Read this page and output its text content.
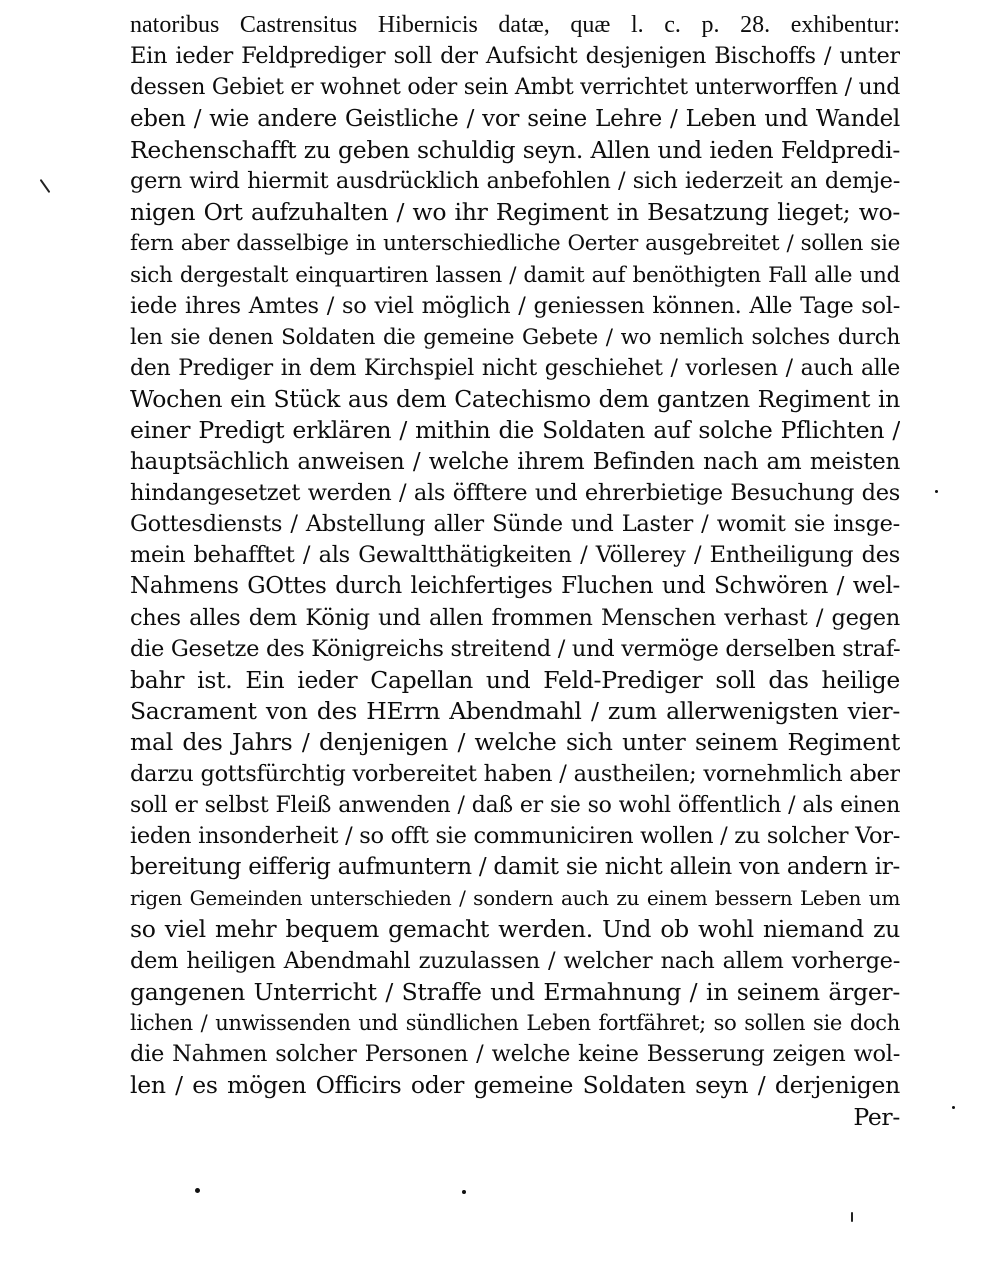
natoribus Castrensitus Hibernicis datæ, quæ l. c. p. 28. exhibentur:
Ein ieder Feldprediger soll der Aufsicht desjenigen Bischoffs / unter
dessen Gebiet er wohnet oder sein Ambt verrichtet unterworffen / und
eben / wie andere Geistliche / vor seine Lehre / Leben und Wandel
Rechenschafft zu geben schuldig seyn. Allen und ieden Feldpredi-
gern wird hiermit ausdrücklich anbefohlen / sich iederzeit an demje-
nigen Ort aufzuhalten / wo ihr Regiment in Besatzung lieget; wo-
fern aber dasselbige in unterschiedliche Oerter ausgebreitet / sollen sie
sich dergestalt einquartiren lassen / damit auf benöthigten Fall alle und
iede ihres Amtes / so viel möglich / geniessen können. Alle Tage sol-
len sie denen Soldaten die gemeine Gebete / wo nemlich solches durch
den Prediger in dem Kirchspiel nicht geschiehet / vorlesen / auch alle
Wochen ein Stück aus dem Catechismo dem gantzen Regiment in
einer Predigt erklären / mithin die Soldaten auf solche Pflichten /
hauptsächlich anweisen / welche ihrem Befinden nach am meisten
hindangesetzet werden / als öfftere und ehrerbietige Besuchung des
Gottesdiensts / Abstellung aller Sünde und Laster / womit sie insge-
mein behafftet / als Gewaltthätigkeiten / Völlerey / Entheiligung des
Nahmens GOttes durch leichfertiges Fluchen und Schwören / wel-
ches alles dem König und allen frommen Menschen verhast / gegen
die Gesetze des Königreichs streitend / und vermöge derselben straf-
bahr ist. Ein ieder Capellan und Feld-Prediger soll das heilige
Sacrament von des HErrn Abendmahl / zum allerwenigsten vier-
mal des Jahrs / denjenigen / welche sich unter seinem Regiment
darzu gottsfürchtig vorbereitet haben / austheilen; vornehmlich aber
soll er selbst Fleiß anwenden / daß er sie so wohl öffentlich / als einen
ieden insonderheit / so offt sie communiciren wollen / zu solcher Vor-
bereitung eifferig aufmuntern / damit sie nicht allein von andern ir-
rigen Gemeinden unterschieden / sondern auch zu einem bessern Leben um
so viel mehr bequem gemacht werden. Und ob wohl niemand zu
dem heiligen Abendmahl zuzulassen / welcher nach allem vorherge-
gangenen Unterricht / Straffe und Ermahnung / in seinem ärger-
lichen / unwissenden und sündlichen Leben fortfähret; so sollen sie doch
die Nahmen solcher Personen / welche keine Besserung zeigen wol-
len / es mögen Officirs oder gemeine Soldaten seyn / derjenigen
Per-
